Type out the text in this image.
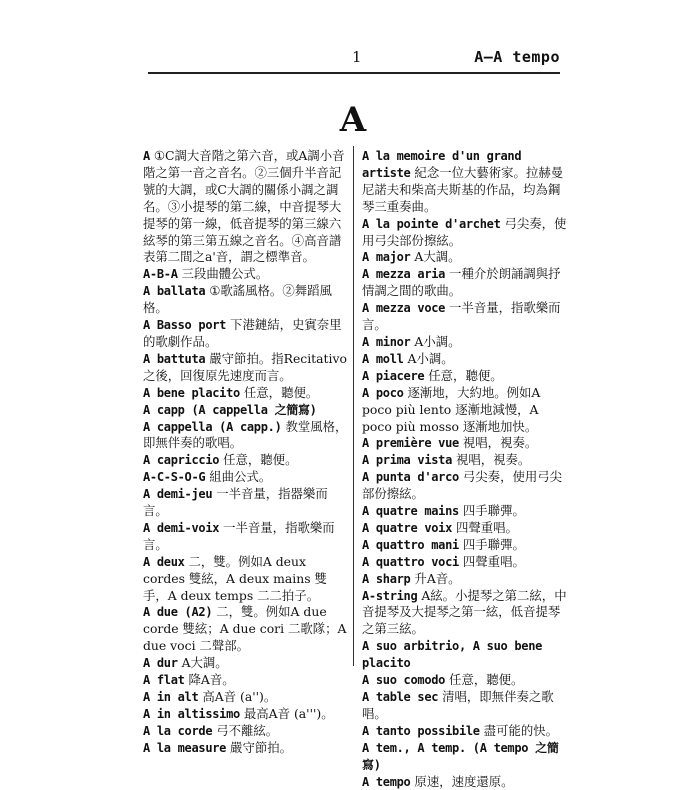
1	A—A tempo
A

A ①C調大音階之第六音，或A調小音階之第一音之音名。②三個升半音記號的大調，或C大調的關係小調之調名。③小提琴的第二線，中音提琴大提琴的第一線，低音提琴的第三線六絃琴的第三第五線之音名。④高音譜表第二間之a'音，謂之標準音。

A-B-A 三段曲體公式。

A ballata ①歌謠風格。②舞蹈風格。

A Basso port 下港鏈結，史賓奈里的歌劇作品。

A battuta 嚴守節拍。指Recitativo之後，回復原先速度而言。

A bene placito 任意，聽便。

A capp (A cappella 之簡寫)

A cappella (A capp.) 教堂風格，即無伴奏的歌唱。

A capriccio 任意，聽便。

A-C-S-O-G 組曲公式。

A demi-jeu 一半音量，指器樂而言。

A demi-voix 一半音量，指歌樂而言。

A deux 二，雙。例如A deux cordes 雙絃，A deux mains 雙手，A deux temps 二二拍子。

A due (A2) 二，雙。例如A due corde 雙絃；A due cori 二歌隊；A due voci 二聲部。

A dur A大調。

A flat 降A音。

A in alt 高A音 (a'')。

A in altissimo 最高A音 (a''')。

A la corde 弓不離絃。

A la measure 嚴守節拍。

A la memoire d'un grand artiste 紀念一位大藝術家。拉赫曼尼諾夫和柴高夫斯基的作品，均為鋼琴三重奏曲。

A la pointe d'archet 弓尖奏，使用弓尖部份擦絃。

A major A大調。

A mezza aria 一種介於朗誦調與抒情調之間的歌曲。

A mezza voce 一半音量，指歌樂而言。

A minor A小調。

A moll A小調。

A piacere 任意，聽便。

A poco 逐漸地，大約地。例如A poco più lento 逐漸地減慢，A poco più mosso 逐漸地加快。

A première vue 視唱，視奏。

A prima vista 視唱，視奏。

A punta d'arco 弓尖奏，使用弓尖部份擦絃。

A quatre mains 四手聯彈。

A quatre voix 四聲重唱。

A quattro mani 四手聯彈。

A quattro voci 四聲重唱。

A sharp 升A音。

A-string A絃。小提琴之第二絃，中音提琴及大提琴之第一絃，低音提琴之第三絃。

A suo arbitrio, A suo bene placito

A suo comodo 任意，聽便。

A table sec 清唱，即無伴奏之歌唱。

A tanto possibile 盡可能的快。

A tem., A temp. (A tempo 之簡寫)

A tempo 原速，速度還原。
